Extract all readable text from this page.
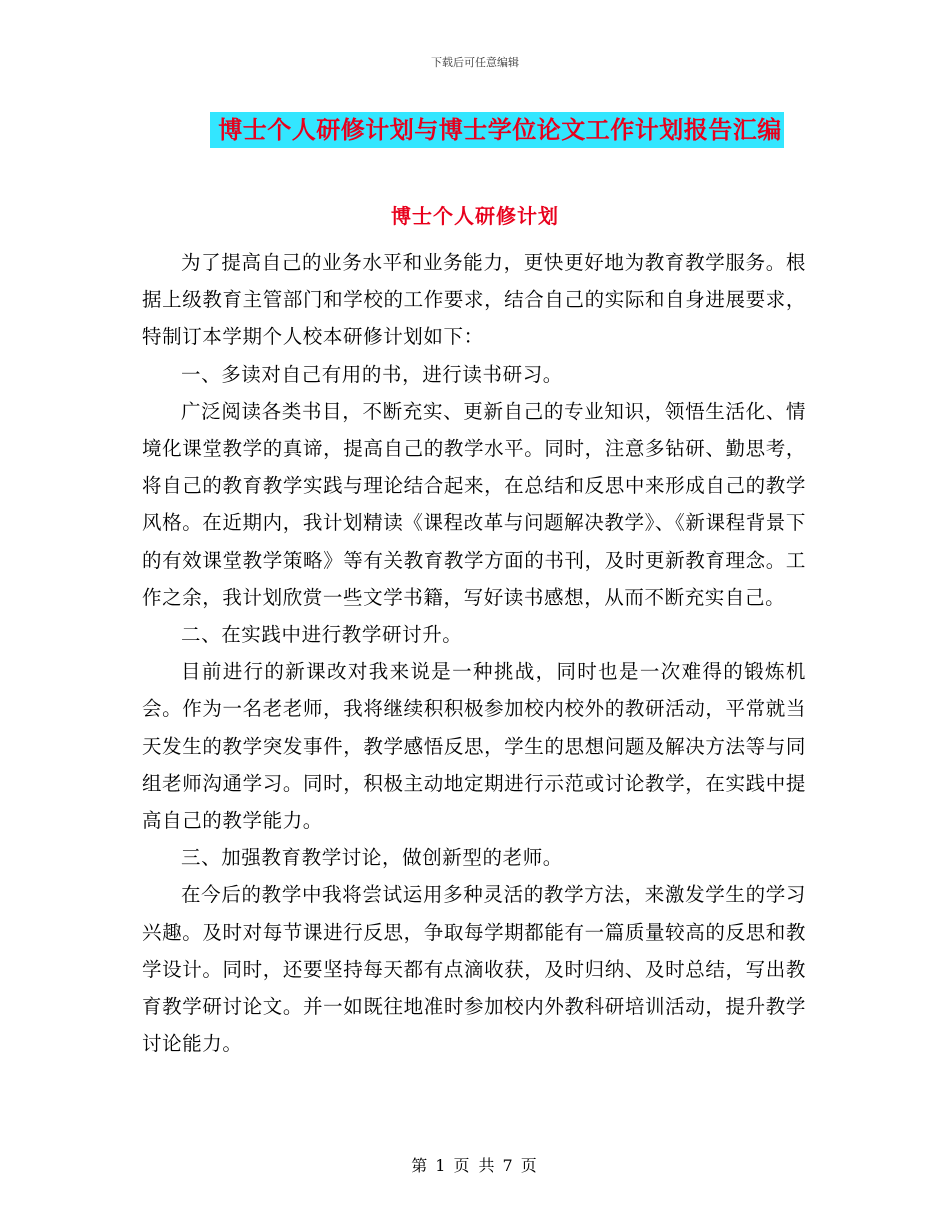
下载后可任意编辑
博士个人研修计划与博士学位论文工作计划报告汇编
博士个人研修计划

为了提高自己的业务水平和业务能力，更快更好地为教育教学服务。根据上级教育主管部门和学校的工作要求，结合自己的实际和自身进展要求，特制订本学期个人校本研修计划如下：

一、多读对自己有用的书，进行读书研习。

广泛阅读各类书目，不断充实、更新自己的专业知识，领悟生活化、情境化课堂教学的真谛，提高自己的教学水平。同时，注意多钻研、勤思考，将自己的教育教学实践与理论结合起来，在总结和反思中来形成自己的教学风格。在近期内，我计划精读《课程改革与问题解决教学》、《新课程背景下的有效课堂教学策略》等有关教育教学方面的书刊，及时更新教育理念。工作之余，我计划欣赏一些文学书籍，写好读书感想，从而不断充实自己。

二、在实践中进行教学研讨升。

目前进行的新课改对我来说是一种挑战，同时也是一次难得的锻炼机会。作为一名老老师，我将继续积积极参加校内校外的教研活动，平常就当天发生的教学突发事件，教学感悟反思，学生的思想问题及解决方法等与同组老师沟通学习。同时，积极主动地定期进行示范或讨论教学，在实践中提高自己的教学能力。

三、加强教育教学讨论，做创新型的老师。

在今后的教学中我将尝试运用多种灵活的教学方法，来激发学生的学习兴趣。及时对每节课进行反思，争取每学期都能有一篇质量较高的反思和教学设计。同时，还要坚持每天都有点滴收获，及时归纳、及时总结，写出教育教学研讨论文。并一如既往地准时参加校内外教科研培训活动，提升教学讨论能力。

第 1 页 共 7 页
